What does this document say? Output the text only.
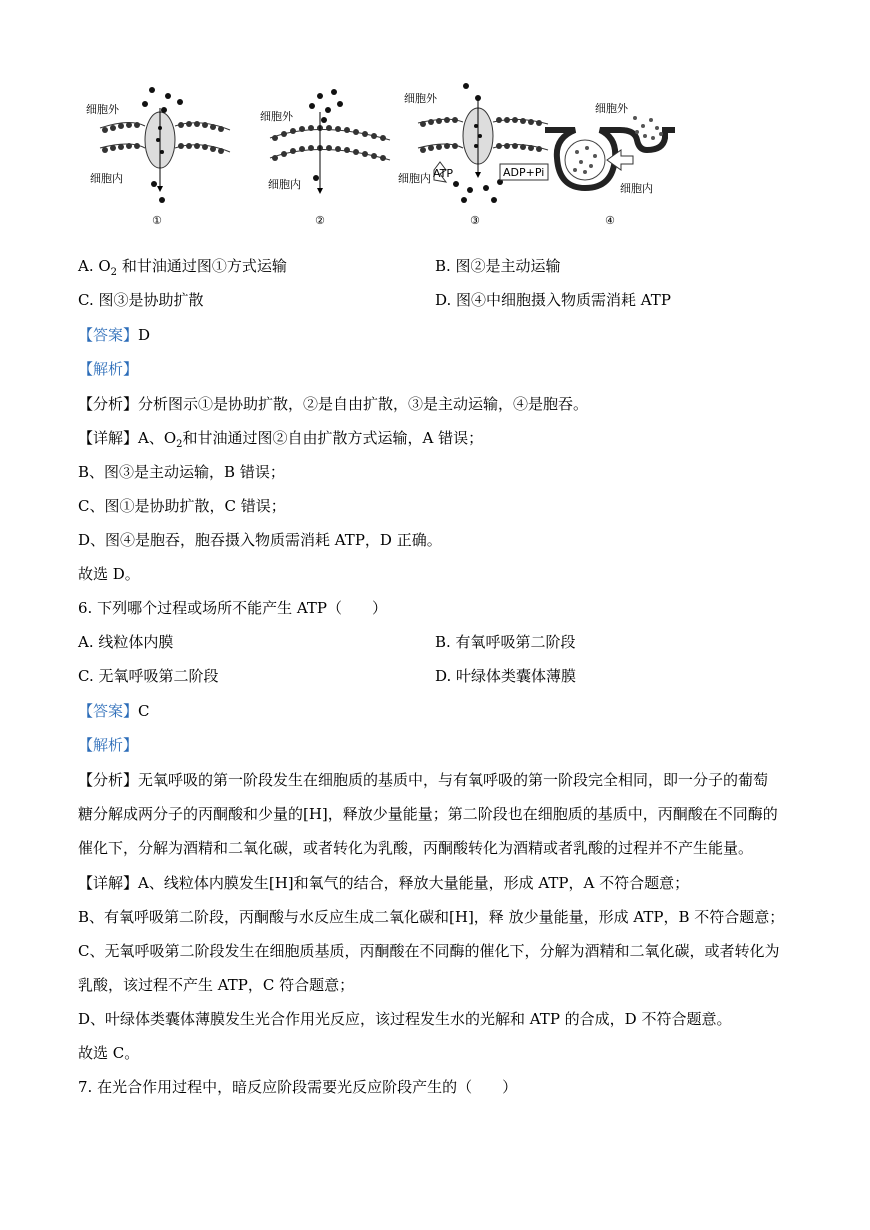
细胞外
细胞内
①
细胞外
细胞内
②
ATP	ADP+Pi
细胞外
细胞内
③
细胞外
细胞内
④
A. $O_2$ 和甘油通过图①方式运输	B. 图②是主动运输
C. 图③是协助扩散	D. 图④中细胞摄入物质需消耗 ATP
【答案】D
【解析】
【分析】分析图示①是协助扩散，②是自由扩散，③是主动运输，④是胞吞。
【详解】A、$O_2$和甘油通过图②自由扩散方式运输，A 错误；
B、图③是主动运输，B 错误；
C、图①是协助扩散，C 错误；
D、图④是胞吞，胞吞摄入物质需消耗 ATP，D 正确。
故选 D。
6. 下列哪个过程或场所不能产生 ATP（　　）
A. 线粒体内膜	B. 有氧呼吸第二阶段
C. 无氧呼吸第二阶段	D. 叶绿体类囊体薄膜
【答案】C
【解析】
【分析】无氧呼吸的第一阶段发生在细胞质的基质中，与有氧呼吸的第一阶段完全相同，即一分子的葡萄
糖分解成两分子的丙酮酸和少量的[H]，释放少量能量；第二阶段也在细胞质的基质中，丙酮酸在不同酶的
催化下，分解为酒精和二氧化碳，或者转化为乳酸，丙酮酸转化为酒精或者乳酸的过程并不产生能量。
【详解】A、线粒体内膜发生[H]和氧气的结合，释放大量能量，形成 ATP，A 不符合题意；
B、有氧呼吸第二阶段，丙酮酸与水反应生成二氧化碳和[H]，释 放少量能量，形成 ATP，B 不符合题意；
C、无氧呼吸第二阶段发生在细胞质基质，丙酮酸在不同酶的催化下，分解为酒精和二氧化碳，或者转化为
乳酸，该过程不产生 ATP，C 符合题意；
D、叶绿体类囊体薄膜发生光合作用光反应，该过程发生水的光解和 ATP 的合成，D 不符合题意。
故选 C。
7. 在光合作用过程中，暗反应阶段需要光反应阶段产生的（　　）
